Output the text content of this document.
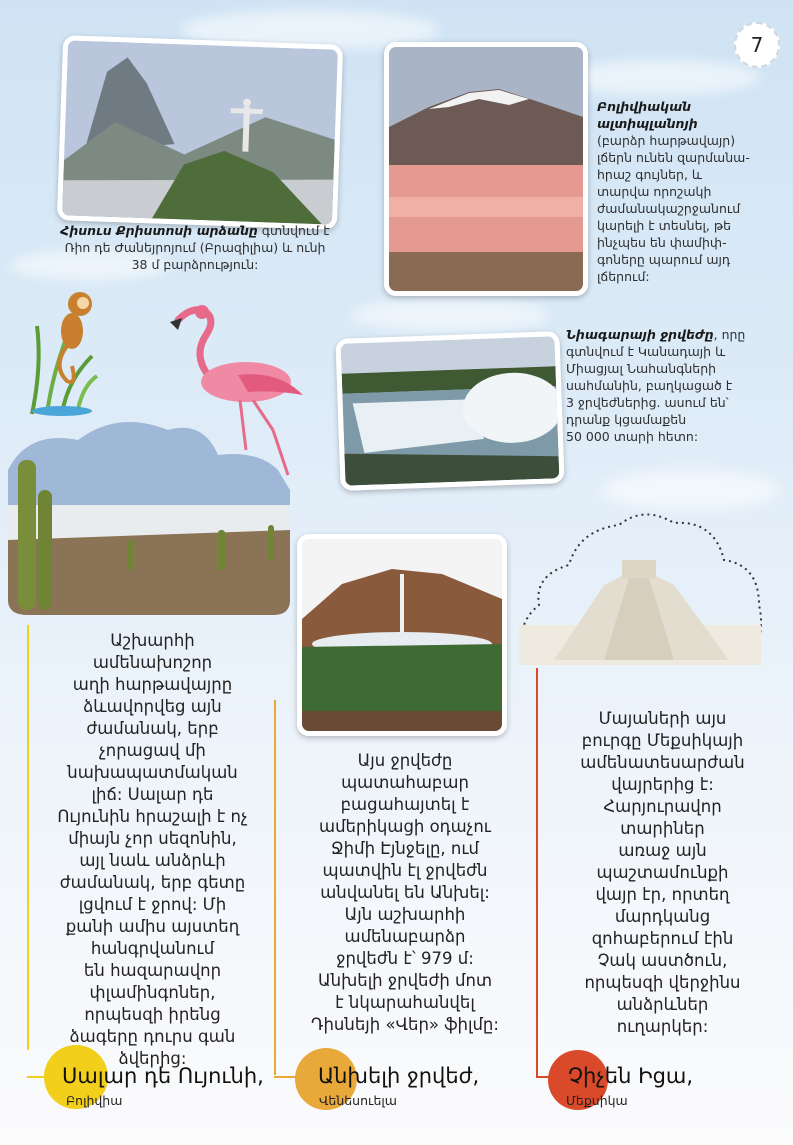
7
Հիսուս Քրիստոսի արձանը գտնվում է
Ռիո դե Ժանեյրոյում (Բրազիլիա) և ունի
38 մ բարձրություն:
Բոլիվիական
ալտիպլանոյի
(բարձր հարթավայր)
լճերն ունեն զարմանա-
հրաշ գույներ, և
տարվա որոշակի
ժամանակաշրջանում
կարելի է տեսնել, թե
ինչպես են փամիփ-
գոները պարում այդ
լճերում:
Նիագարայի ջրվեժը, որը
գտնվում է Կանադայի և
Միացյալ Նահանգների
սահմանին, բաղկացած է
3 ջրվեժներից. ասում են՝
դրանք կցամաքեն
50 000 տարի հետո:
Աշխարհի
ամենախոշոր
աղի հարթավայրը
ձևավորվեց այն
ժամանակ, երբ
չորացավ մի
նախապատմական
լիճ: Սալար դե
Ույունին հրաշալի է ոչ
միայն չոր սեզոնին,
այլ նաև անձրևի
ժամանակ, երբ գետը
լցվում է ջրով: Մի
քանի ամիս այստեղ
հանգրվանում
են հազարավոր
փլամինգոներ,
որպեսզի իրենց
ձագերը դուրս գան
ձվերից:
Այս ջրվեժը
պատահաբար
բացահայտել է
ամերիկացի օդաչու
Ջիմի Էյնջելը, ում
պատվին էլ ջրվեժն
անվանել են Անխել:
Այն աշխարհի
ամենաբարձր
ջրվեժն է՝ 979 մ:
Անխելի ջրվեժի մոտ
է նկարահանվել
Դիսնեյի «Վեր» ֆիլմը:
Մայաների այս
բուրգը Մեքսիկայի
ամենատեսարժան
վայրերից է:
Հարյուրավոր
տարիներ
առաջ այն
պաշտամունքի
վայր էր, որտեղ
մարդկանց
զոհաբերում էին
Չակ աստծուն,
որպեսզի վերջինս
անձրևներ
ուղարկեր:
Սալար դե Ույունի,
Բոլիվիա
Անխելի ջրվեժ,
Վենեսուելա
Չիչեն Իցա,
Մեքսիկա
